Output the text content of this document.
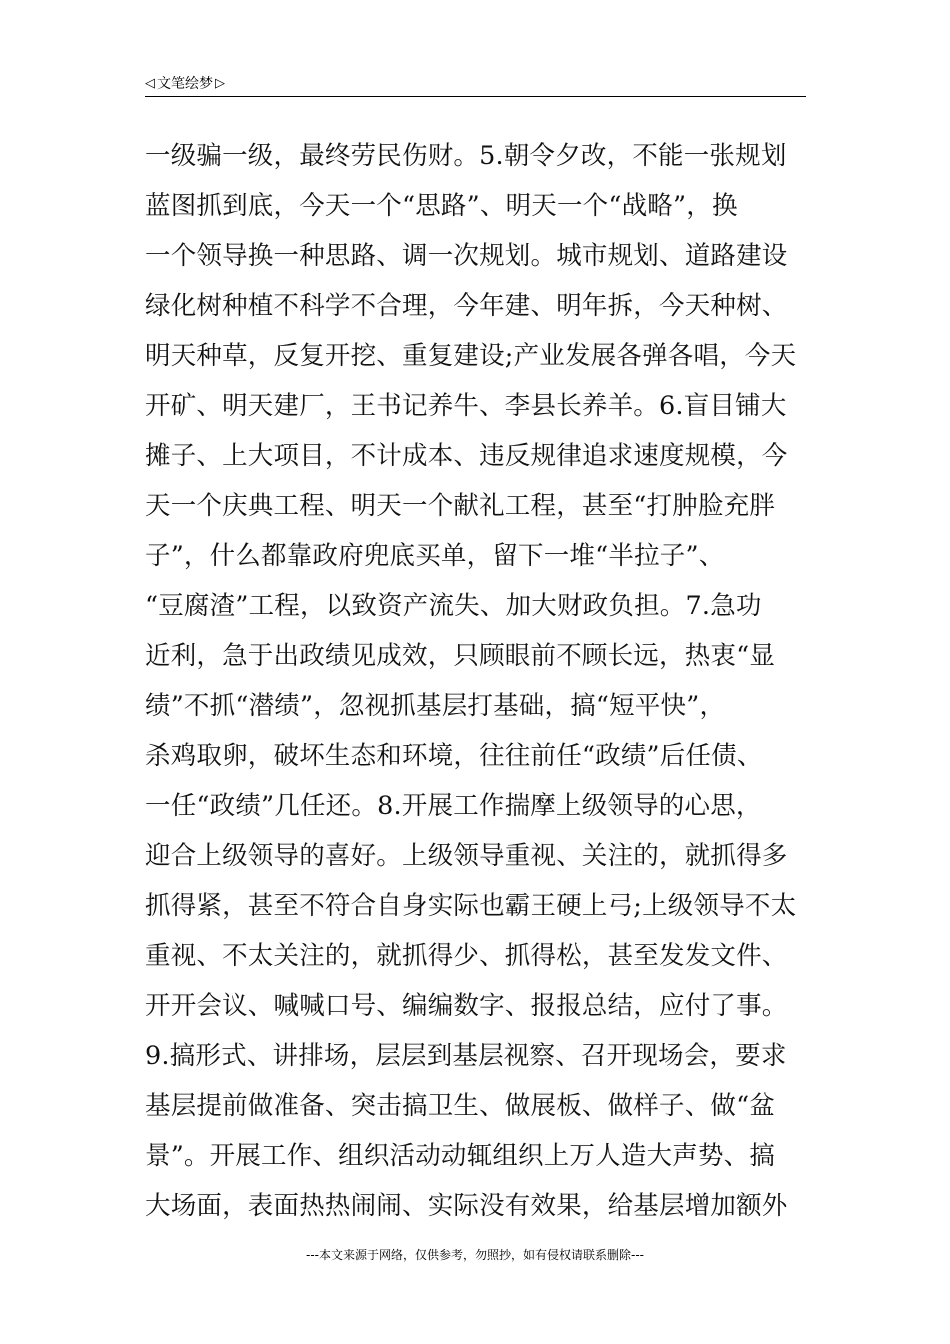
◁ 文笔绘梦 ▷
一级骗一级，最终劳民伤财。5.朝令夕改，不能一张规划
蓝图抓到底，今天一个“思路”、明天一个“战略”，换
一个领导换一种思路、调一次规划。城市规划、道路建设
绿化树种植不科学不合理，今年建、明年拆，今天种树、
明天种草，反复开挖、重复建设;产业发展各弹各唱，今天
开矿、明天建厂，王书记养牛、李县长养羊。6.盲目铺大
摊子、上大项目，不计成本、违反规律追求速度规模，今
天一个庆典工程、明天一个献礼工程，甚至“打肿脸充胖
子”，什么都靠政府兜底买单，留下一堆“半拉子”、
“豆腐渣”工程，以致资产流失、加大财政负担。7.急功
近利，急于出政绩见成效，只顾眼前不顾长远，热衷“显
绩”不抓“潜绩”，忽视抓基层打基础，搞“短平快”，
杀鸡取卵，破坏生态和环境，往往前任“政绩”后任债、
一任“政绩”几任还。8.开展工作揣摩上级领导的心思，
迎合上级领导的喜好。上级领导重视、关注的，就抓得多
抓得紧，甚至不符合自身实际也霸王硬上弓;上级领导不太
重视、不太关注的，就抓得少、抓得松，甚至发发文件、
开开会议、喊喊口号、编编数字、报报总结，应付了事。
9.搞形式、讲排场，层层到基层视察、召开现场会，要求
基层提前做准备、突击搞卫生、做展板、做样子、做“盆
景”。开展工作、组织活动动辄组织上万人造大声势、搞
大场面，表面热热闹闹、实际没有效果，给基层增加额外
---本文来源于网络，仅供参考，勿照抄，如有侵权请联系删除---
